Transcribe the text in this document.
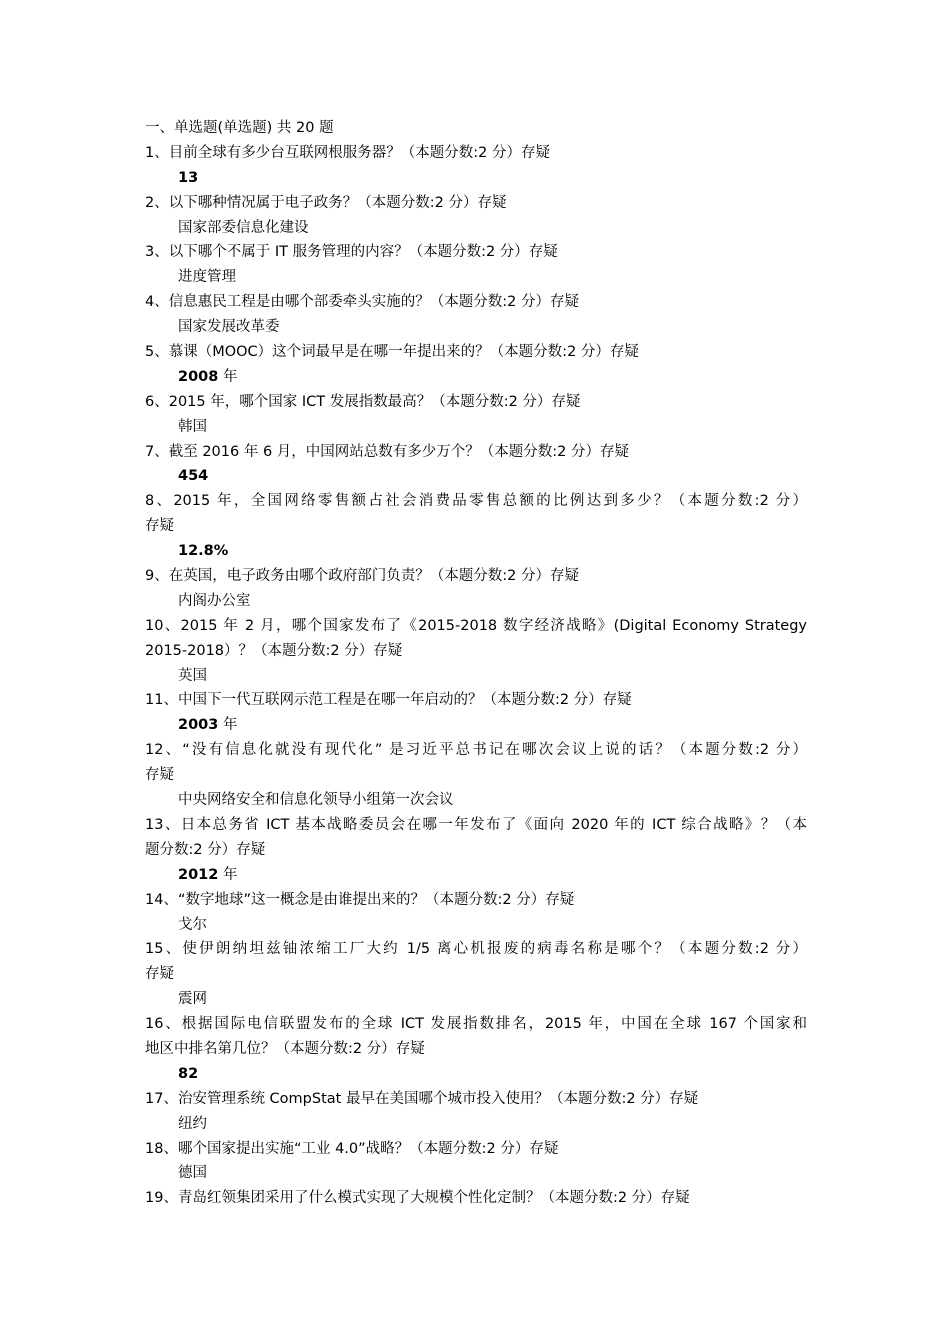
一、单选题(单选题) 共 20 题
1、目前全球有多少台互联网根服务器？（本题分数:2 分）存疑
13
2、以下哪种情况属于电子政务？（本题分数:2 分）存疑
国家部委信息化建设
3、以下哪个不属于 IT 服务管理的内容？（本题分数:2 分）存疑
进度管理
4、信息惠民工程是由哪个部委牵头实施的？（本题分数:2 分）存疑
国家发展改革委
5、慕课（MOOC）这个词最早是在哪一年提出来的？（本题分数:2 分）存疑
2008 年
6、2015 年，哪个国家 ICT 发展指数最高？（本题分数:2 分）存疑
韩国
7、截至 2016 年 6 月，中国网站总数有多少万个？（本题分数:2 分）存疑
454
8、2015 年，全国网络零售额占社会消费品零售总额的比例达到多少？（本题分数:2 分）
存疑
12.8%
9、在英国，电子政务由哪个政府部门负责？（本题分数:2 分）存疑
内阁办公室
10、2015 年 2 月，哪个国家发布了《2015-2018 数字经济战略》(Digital Economy Strategy
2015-2018）？（本题分数:2 分）存疑
英国
11、中国下一代互联网示范工程是在哪一年启动的？（本题分数:2 分）存疑
2003 年
12、“没有信息化就没有现代化” 是习近平总书记在哪次会议上说的话？（本题分数:2 分）
存疑
中央网络安全和信息化领导小组第一次会议
13、日本总务省 ICT 基本战略委员会在哪一年发布了《面向 2020 年的 ICT 综合战略》？（本
题分数:2 分）存疑
2012 年
14、“数字地球”这一概念是由谁提出来的？（本题分数:2 分）存疑
戈尔
15、使伊朗纳坦兹铀浓缩工厂大约 1/5 离心机报废的病毒名称是哪个？（本题分数:2 分）
存疑
震网
16、根据国际电信联盟发布的全球 ICT 发展指数排名，2015 年，中国在全球 167 个国家和
地区中排名第几位？（本题分数:2 分）存疑
82
17、治安管理系统 CompStat 最早在美国哪个城市投入使用？（本题分数:2 分）存疑
纽约
18、哪个国家提出实施“工业 4.0”战略？（本题分数:2 分）存疑
德国
19、青岛红领集团采用了什么模式实现了大规模个性化定制？（本题分数:2 分）存疑
